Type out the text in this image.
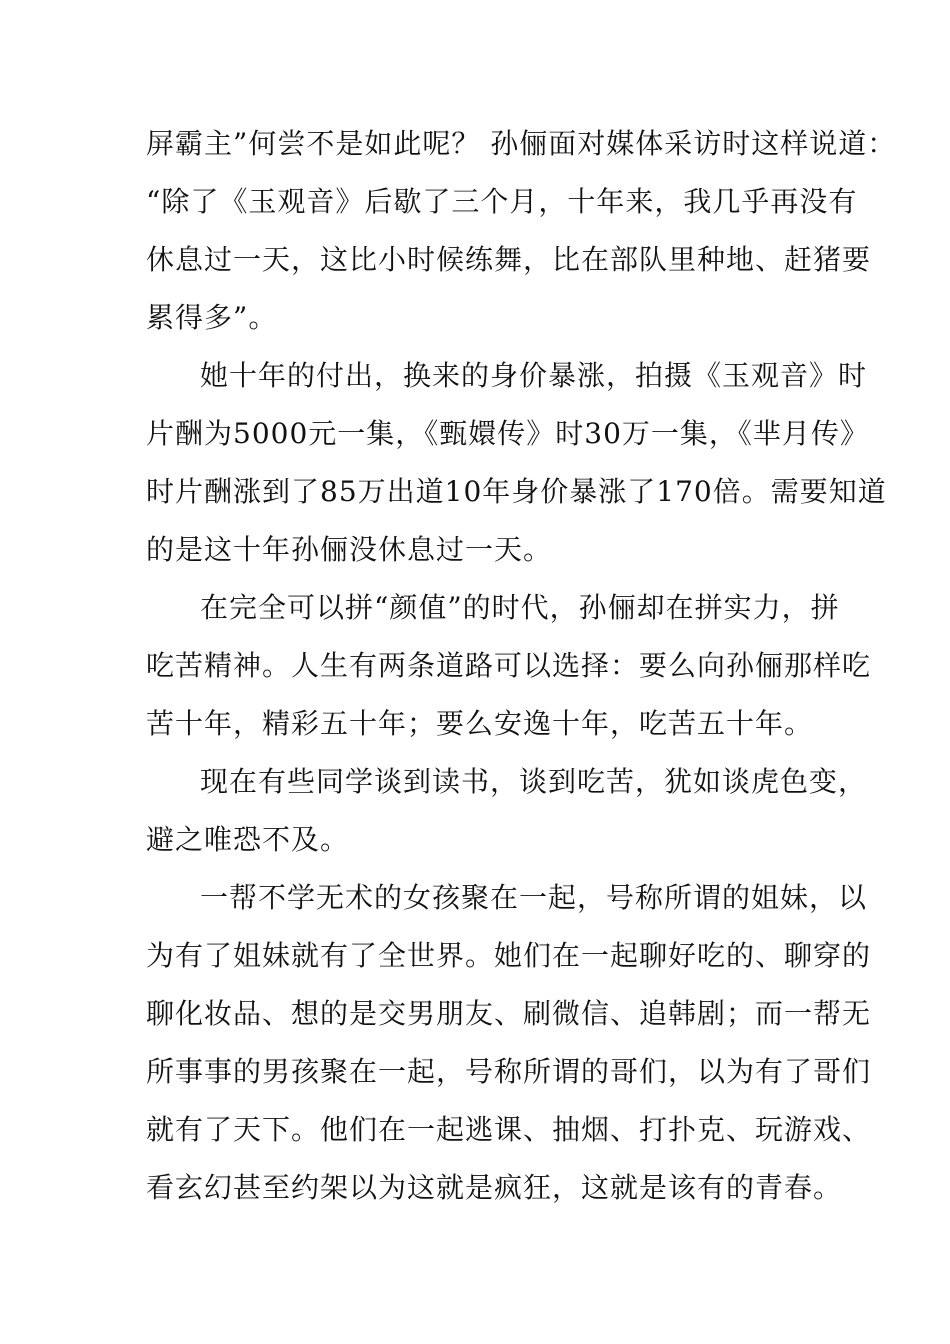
屏霸主”何尝不是如此呢？ 孙俪面对媒体采访时这样说道：
“除了《玉观音》后歇了三个月，十年来，我几乎再没有
休息过一天，这比小时候练舞，比在部队里种地、赶猪要
累得多”。
她十年的付出，换来的身价暴涨，拍摄《玉观音》时
片酬为5000元一集，《甄嬛传》时30万一集，《芈月传》
时片酬涨到了85万出道10年身价暴涨了170倍。需要知道
的是这十年孙俪没休息过一天。
在完全可以拼“颜值”的时代，孙俪却在拼实力，拼
吃苦精神。人生有两条道路可以选择：要么向孙俪那样吃
苦十年，精彩五十年；要么安逸十年，吃苦五十年。
现在有些同学谈到读书，谈到吃苦，犹如谈虎色变，
避之唯恐不及。
一帮不学无术的女孩聚在一起，号称所谓的姐妹，以
为有了姐妹就有了全世界。她们在一起聊好吃的、聊穿的
聊化妆品、想的是交男朋友、刷微信、追韩剧；而一帮无
所事事的男孩聚在一起，号称所谓的哥们，以为有了哥们
就有了天下。他们在一起逃课、抽烟、打扑克、玩游戏、
看玄幻甚至约架以为这就是疯狂，这就是该有的青春。
